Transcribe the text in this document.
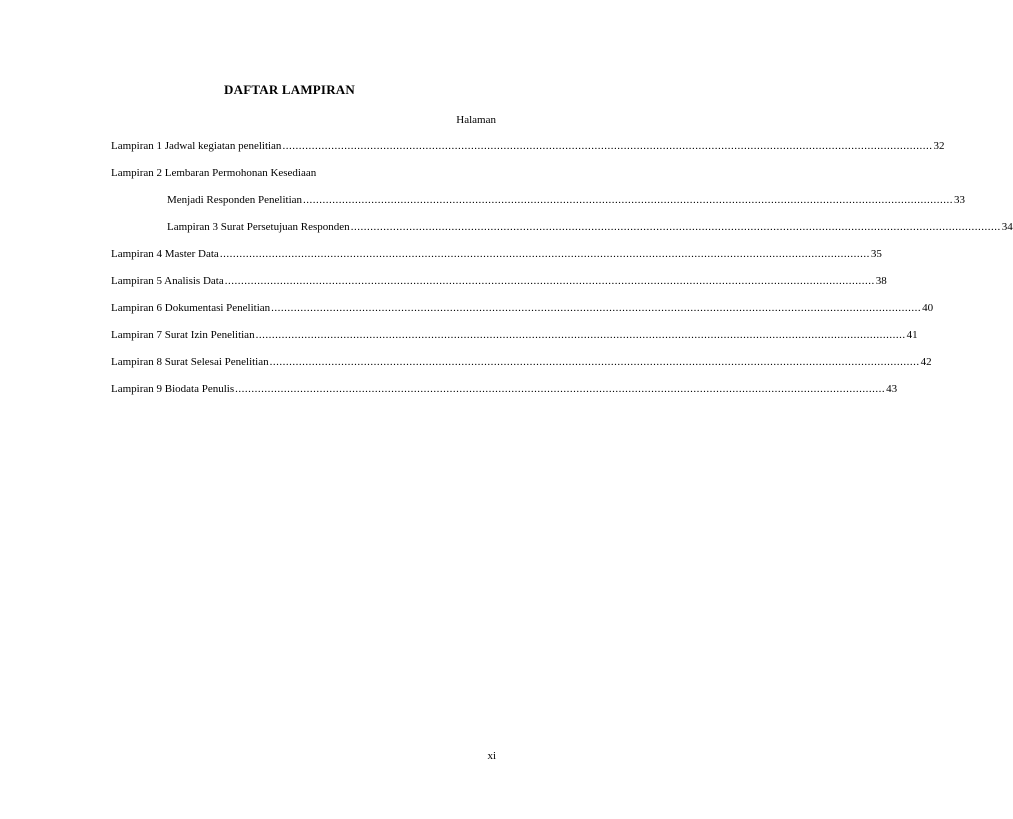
DAFTAR LAMPIRAN
Halaman
Lampiran 1 Jadwal kegiatan penelitian ........................................................................................................................................................................................................ 32
Lampiran 2 Lembaran Permohonan Kesediaan
Menjadi Responden Penelitian ........................................................................................................................................................................................................ 33
Lampiran 3 Surat Persetujuan Responden ........................................................................................................................................................................................................ 34
Lampiran 4 Master Data ........................................................................................................................................................................................................ 35
Lampiran 5 Analisis Data ........................................................................................................................................................................................................ 38
Lampiran 6 Dokumentasi Penelitian ........................................................................................................................................................................................................ 40
Lampiran 7 Surat Izin Penelitian ........................................................................................................................................................................................................ 41
Lampiran 8 Surat Selesai Penelitian ........................................................................................................................................................................................................ 42
Lampiran 9 Biodata Penulis ........................................................................................................................................................................................................ 43
xi
